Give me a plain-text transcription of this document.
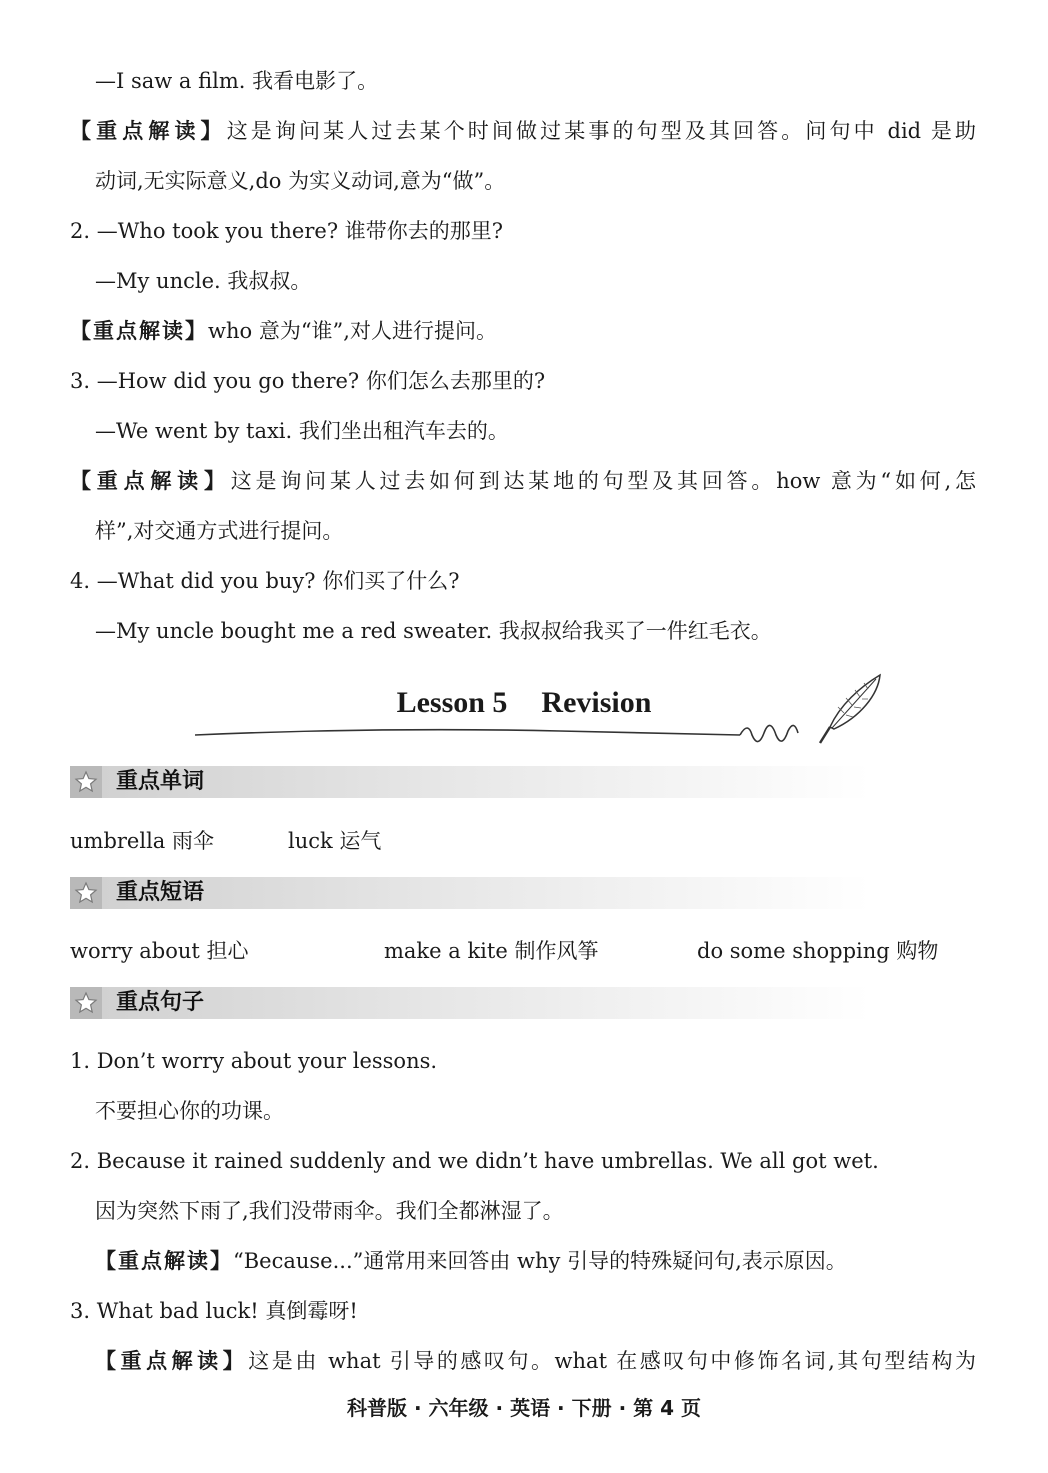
—I saw a film. 我看电影了。
【重点解读】这是询问某人过去某个时间做过某事的句型及其回答。问句中 did 是助
动词,无实际意义,do 为实义动词,意为“做”。
2. —Who took you there? 谁带你去的那里?
—My uncle. 我叔叔。
【重点解读】who 意为“谁”,对人进行提问。
3. —How did you go there? 你们怎么去那里的?
—We went by taxi. 我们坐出租汽车去的。
【重点解读】这是询问某人过去如何到达某地的句型及其回答。how 意为“如何,怎
样”,对交通方式进行提问。
4. —What did you buy? 你们买了什么?
—My uncle bought me a red sweater. 我叔叔给我买了一件红毛衣。
Lesson 5 Revision
重点单词
umbrella 雨伞	luck 运气
重点短语
worry about 担心	make a kite 制作风筝	do some shopping 购物
重点句子
1. Don’t worry about your lessons.
不要担心你的功课。
2. Because it rained suddenly and we didn’t have umbrellas. We all got wet.
因为突然下雨了,我们没带雨伞。我们全都淋湿了。
【重点解读】“Because...”通常用来回答由 why 引导的特殊疑问句,表示原因。
3. What bad luck! 真倒霉呀!
【重点解读】这是由 what 引导的感叹句。what 在感叹句中修饰名词,其句型结构为
科普版 · 六年级 · 英语 · 下册 · 第 4 页
